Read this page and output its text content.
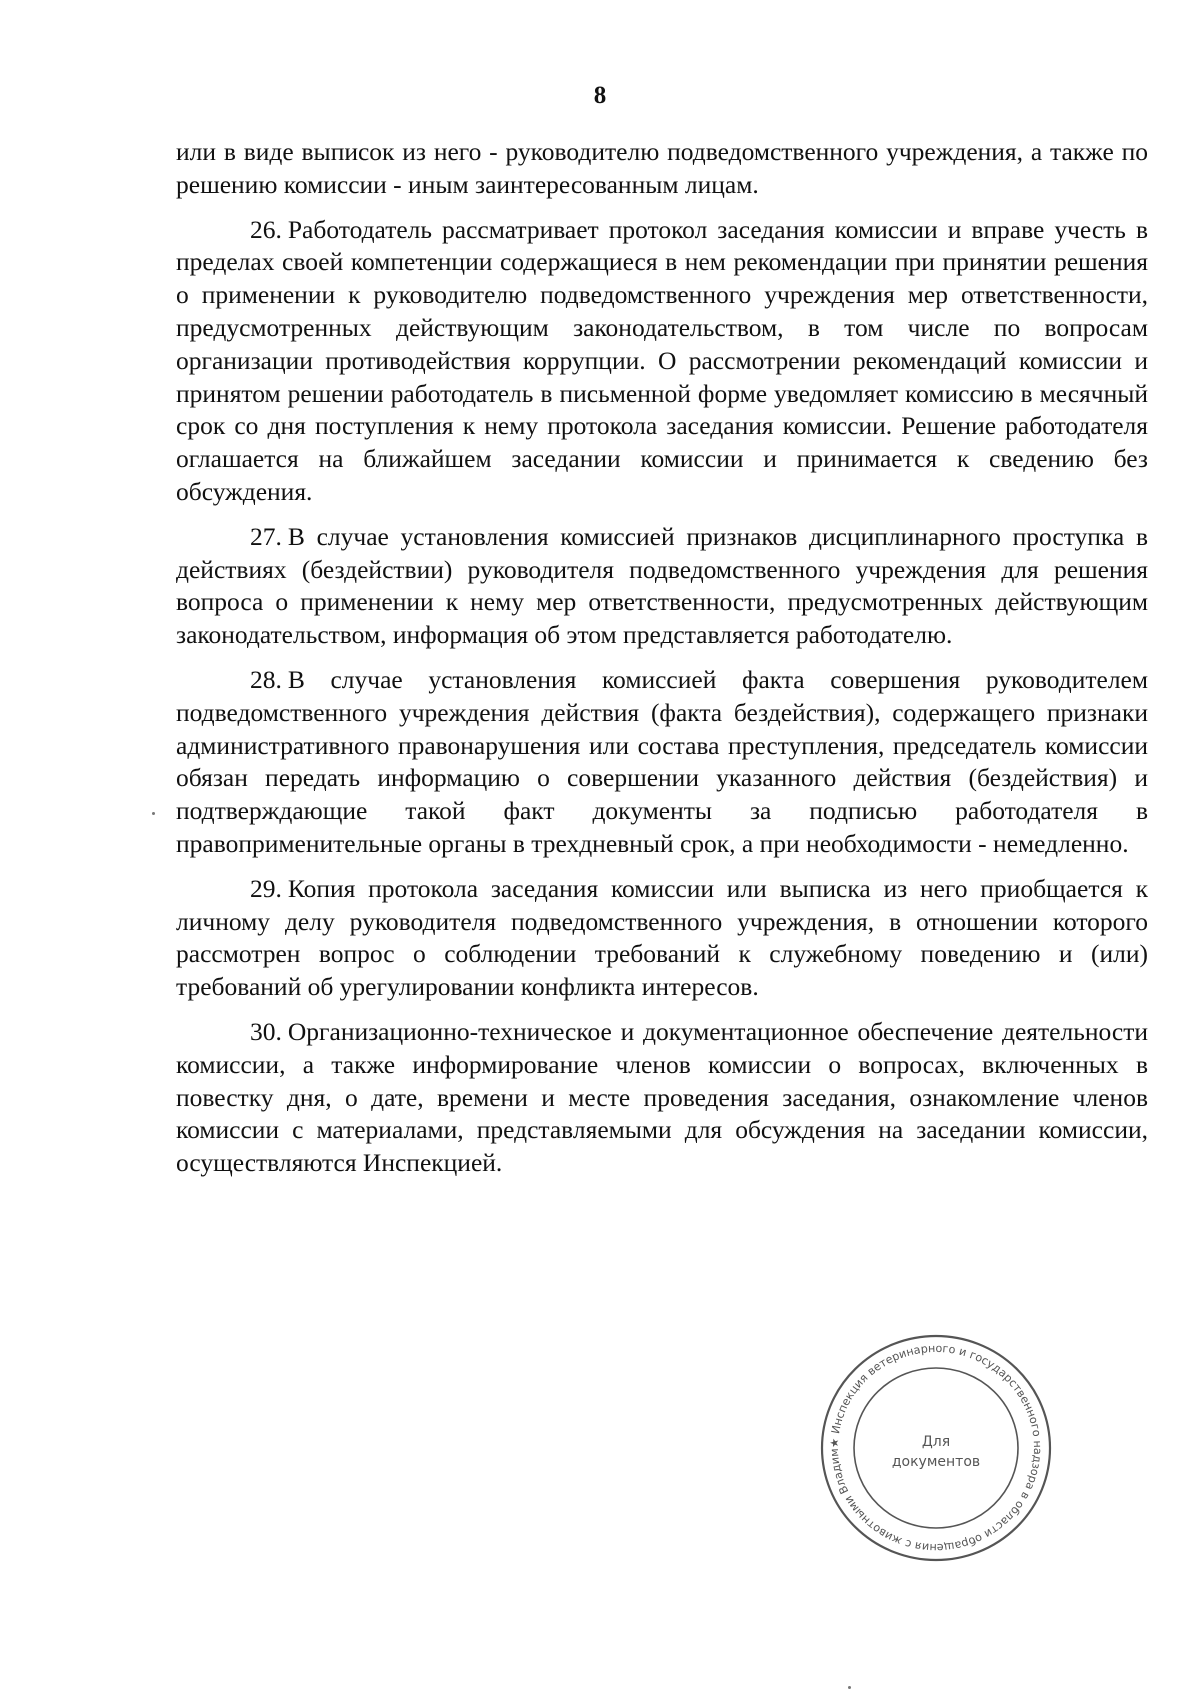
8

или в виде выписок из него - руководителю подведомственного учреждения, а также по решению комиссии - иным заинтересованным лицам.

26. Работодатель рассматривает протокол заседания комиссии и вправе учесть в пределах своей компетенции содержащиеся в нем рекомендации при принятии решения о применении к руководителю подведомственного учреждения мер ответственности, предусмотренных действующим законодательством, в том числе по вопросам организации противодействия коррупции. О рассмотрении рекомендаций комиссии и принятом решении работодатель в письменной форме уведомляет комиссию в месячный срок со дня поступления к нему протокола заседания комиссии. Решение работодателя оглашается на ближайшем заседании комиссии и принимается к сведению без обсуждения.

27. В случае установления комиссией признаков дисциплинарного проступка в действиях (бездействии) руководителя подведомственного учреждения для решения вопроса о применении к нему мер ответственности, предусмотренных действующим законодательством, информация об этом представляется работодателю.

28. В случае установления комиссией факта совершения руководителем подведомственного учреждения действия (факта бездействия), содержащего признаки административного правонарушения или состава преступления, председатель комиссии обязан передать информацию о совершении указанного действия (бездействия) и подтверждающие такой факт документы за подписью работодателя в правоприменительные органы в трехдневный срок, а при необходимости - немедленно.

29. Копия протокола заседания комиссии или выписка из него приобщается к личному делу руководителя подведомственного учреждения, в отношении которого рассмотрен вопрос о соблюдении требований к служебному поведению и (или) требований об урегулировании конфликта интересов.

30. Организационно-техническое и документационное обеспечение деятельности комиссии, а также информирование членов комиссии о вопросах, включенных в повестку дня, о дате, времени и месте проведения заседания, ознакомление членов комиссии с материалами, представляемыми для обсуждения на заседании комиссии, осуществляются Инспекцией.

★ Инспекция ветеринарного и государственного надзора в области обращения с животными Владим
Для
документов
